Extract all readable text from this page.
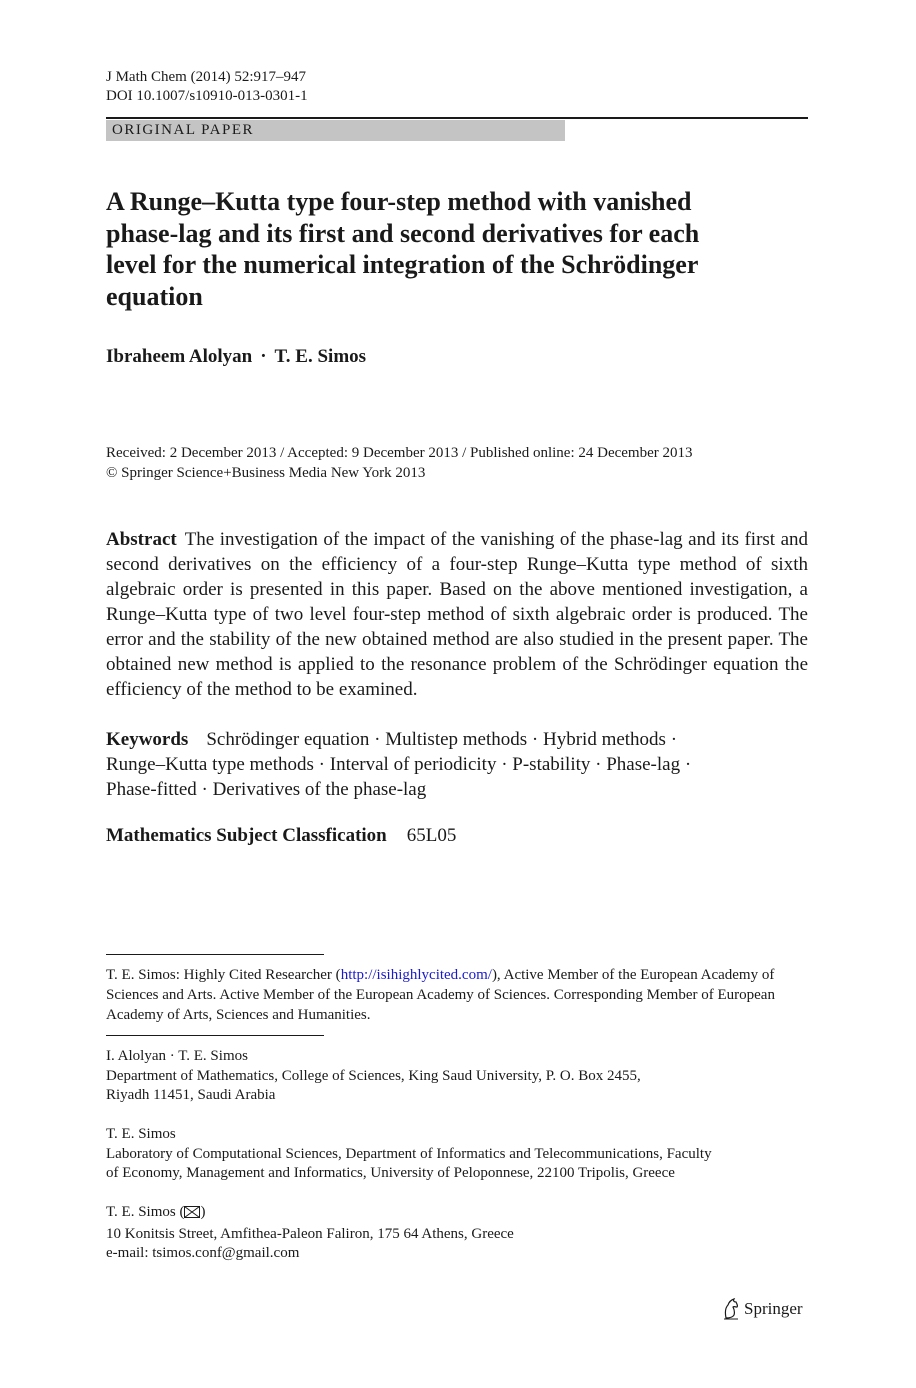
J Math Chem (2014) 52:917–947
DOI 10.1007/s10910-013-0301-1
ORIGINAL PAPER
A Runge–Kutta type four-step method with vanished phase-lag and its first and second derivatives for each level for the numerical integration of the Schrödinger equation
Ibraheem Alolyan · T. E. Simos
Received: 2 December 2013 / Accepted: 9 December 2013 / Published online: 24 December 2013
© Springer Science+Business Media New York 2013

Abstract The investigation of the impact of the vanishing of the phase-lag and its first and second derivatives on the efficiency of a four-step Runge–Kutta type method of sixth algebraic order is presented in this paper. Based on the above mentioned investigation, a Runge–Kutta type of two level four-step method of sixth algebraic order is produced. The error and the stability of the new obtained method are also studied in the present paper. The obtained new method is applied to the resonance problem of the Schrödinger equation the efficiency of the method to be examined.

Keywords Schrödinger equation · Multistep methods · Hybrid methods ·
Runge–Kutta type methods · Interval of periodicity · P-stability · Phase-lag ·
Phase-fitted · Derivatives of the phase-lag
Mathematics Subject Classfication 65L05
T. E. Simos: Highly Cited Researcher (http://isihighlycited.com/), Active Member of the European Academy of Sciences and Arts. Active Member of the European Academy of Sciences. Corresponding Member of European Academy of Arts, Sciences and Humanities.
I. Alolyan · T. E. Simos
Department of Mathematics, College of Sciences, King Saud University, P. O. Box 2455,
Riyadh 11451, Saudi Arabia
T. E. Simos
Laboratory of Computational Sciences, Department of Informatics and Telecommunications, Faculty
of Economy, Management and Informatics, University of Peloponnese, 22100 Tripolis, Greece
T. E. Simos ( )
10 Konitsis Street, Amfithea-Paleon Faliron, 175 64 Athens, Greece
e-mail: tsimos.conf@gmail.com
Springer
